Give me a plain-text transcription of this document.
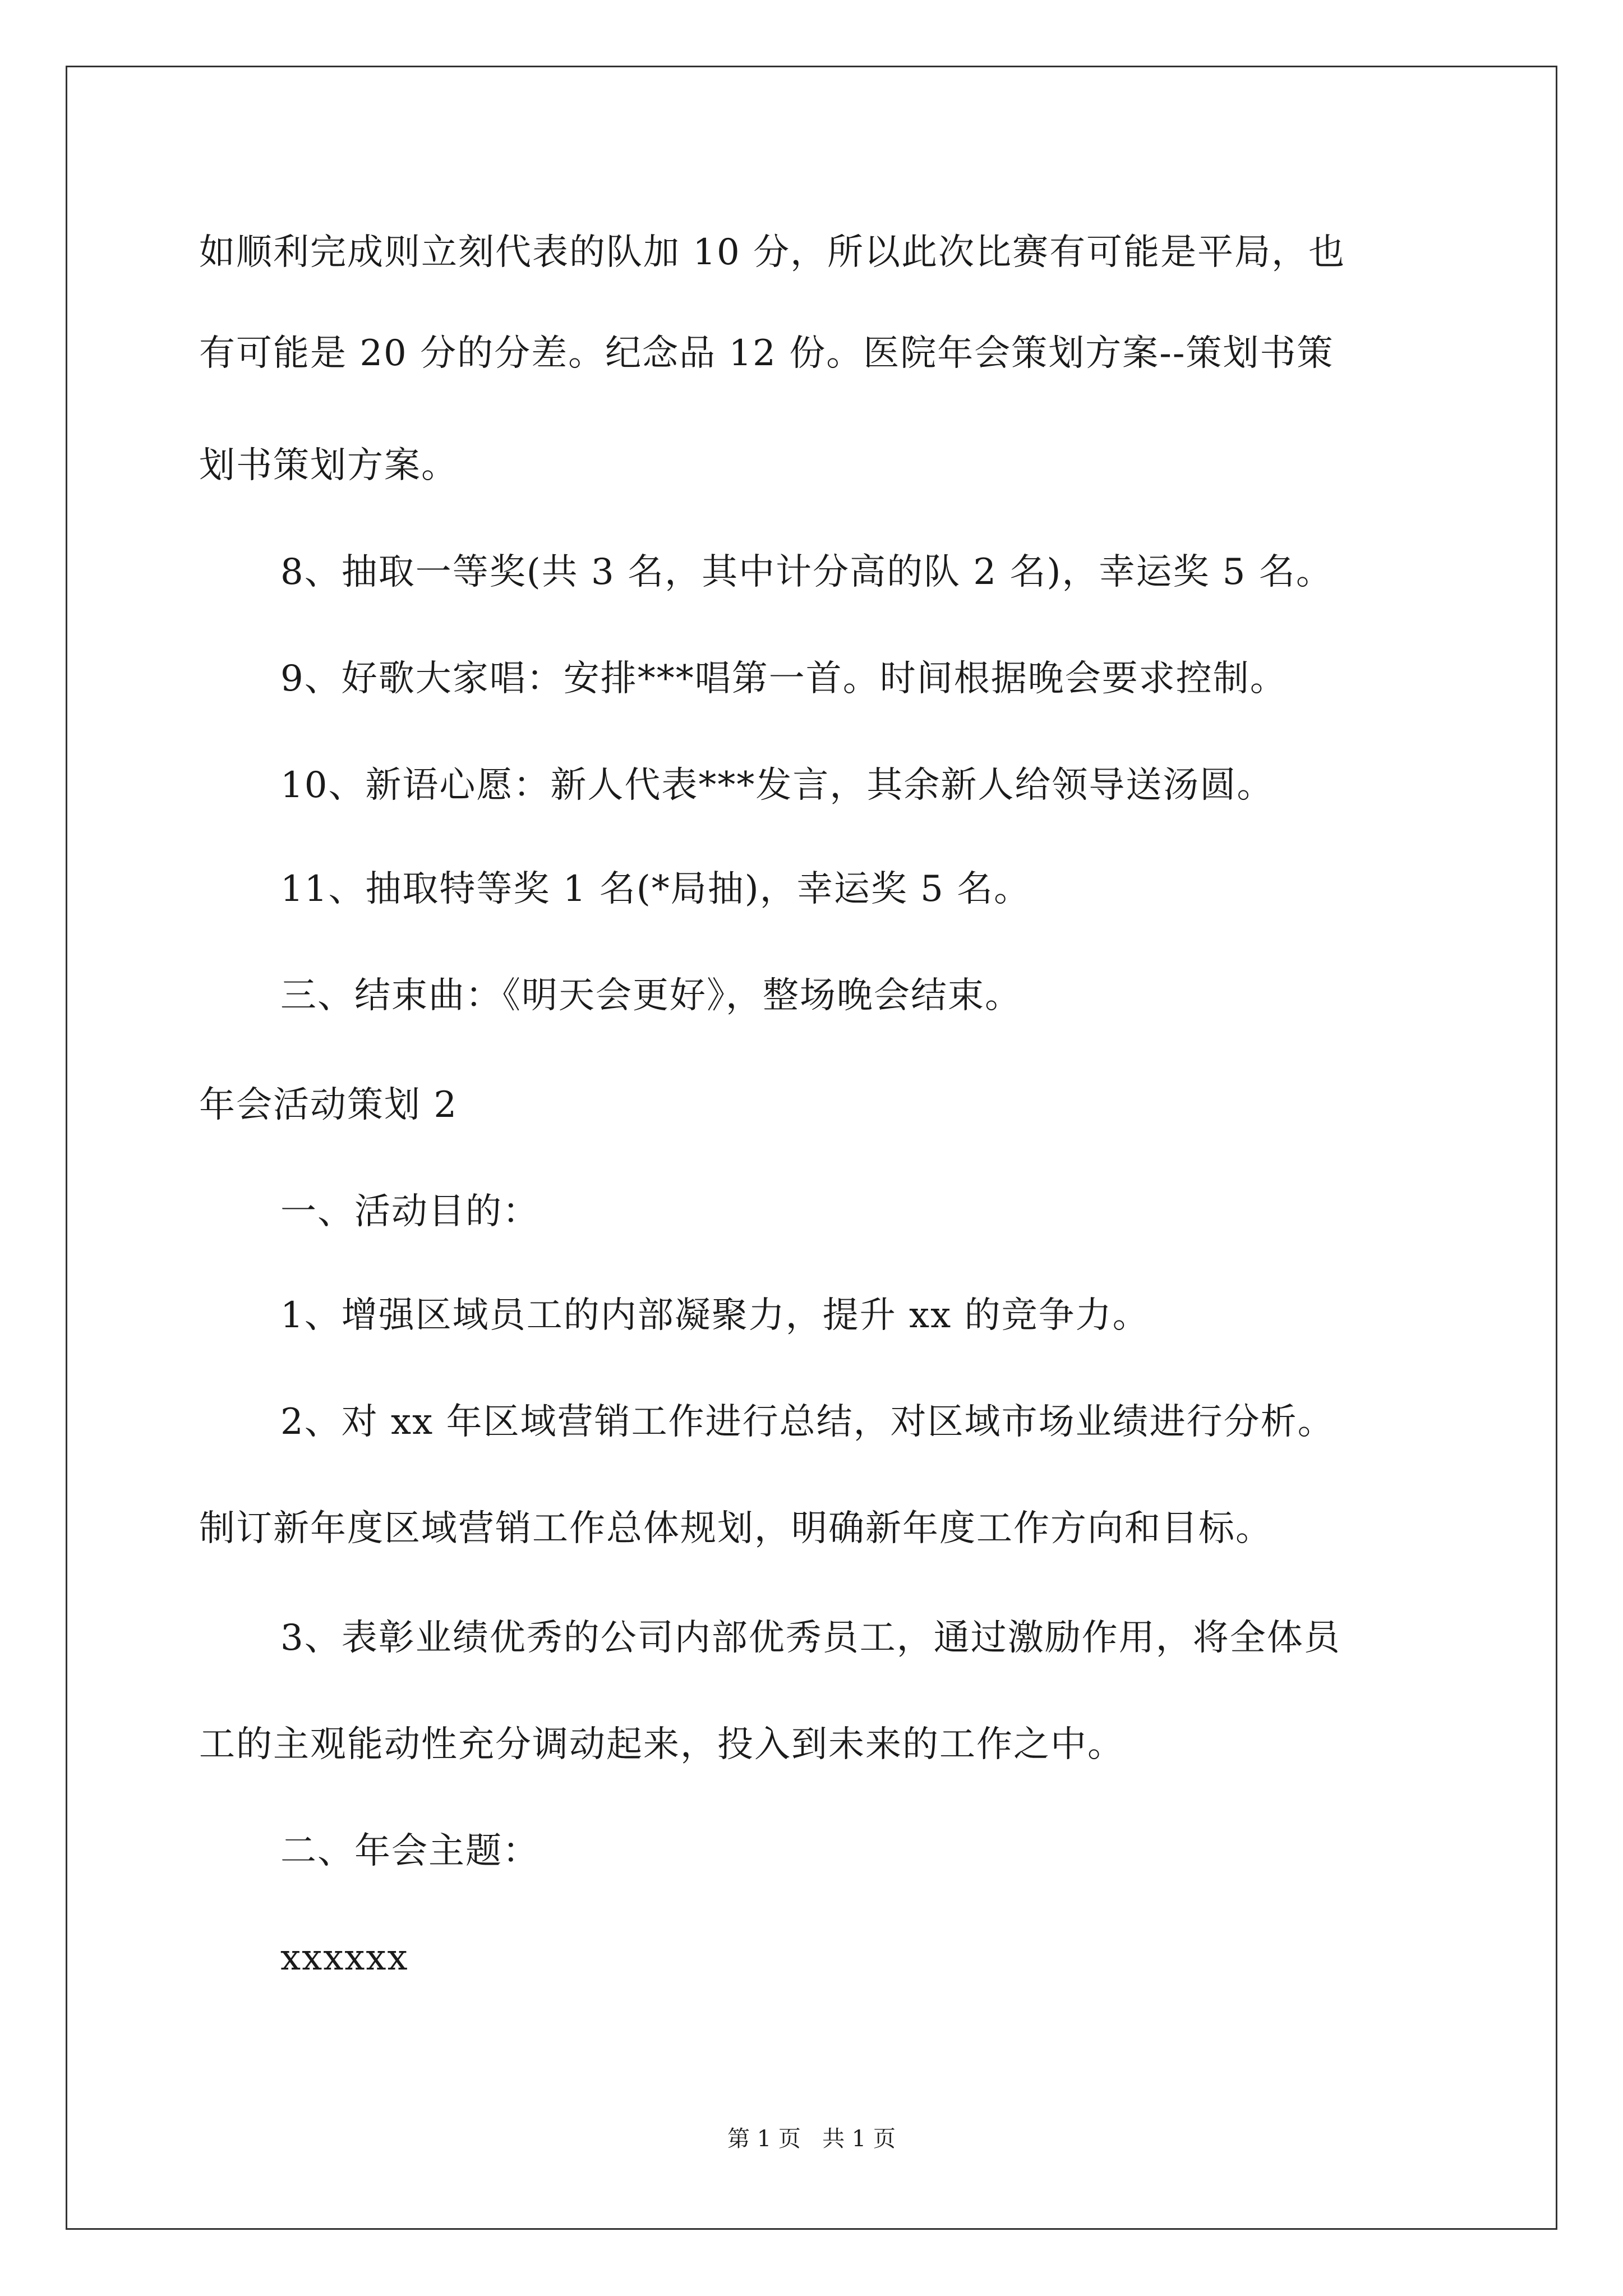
如顺利完成则立刻代表的队加 10 分，所以此次比赛有可能是平局，也
有可能是 20 分的分差。纪念品 12 份。医院年会策划方案--策划书策
划书策划方案。
8、抽取一等奖(共 3 名，其中计分高的队 2 名)，幸运奖 5 名。
9、好歌大家唱：安排***唱第一首。时间根据晚会要求控制。
10、新语心愿：新人代表***发言，其余新人给领导送汤圆。
11、抽取特等奖 1 名(*局抽)，幸运奖 5 名。
三、结束曲：《明天会更好》，整场晚会结束。
年会活动策划 2
一、活动目的：
1、增强区域员工的内部凝聚力，提升 xx 的竞争力。
2、对 xx 年区域营销工作进行总结，对区域市场业绩进行分析。
制订新年度区域营销工作总体规划，明确新年度工作方向和目标。
3、表彰业绩优秀的公司内部优秀员工，通过激励作用，将全体员
工的主观能动性充分调动起来，投入到未来的工作之中。
二、年会主题：
xxxxxx
第 1 页   共 1 页
